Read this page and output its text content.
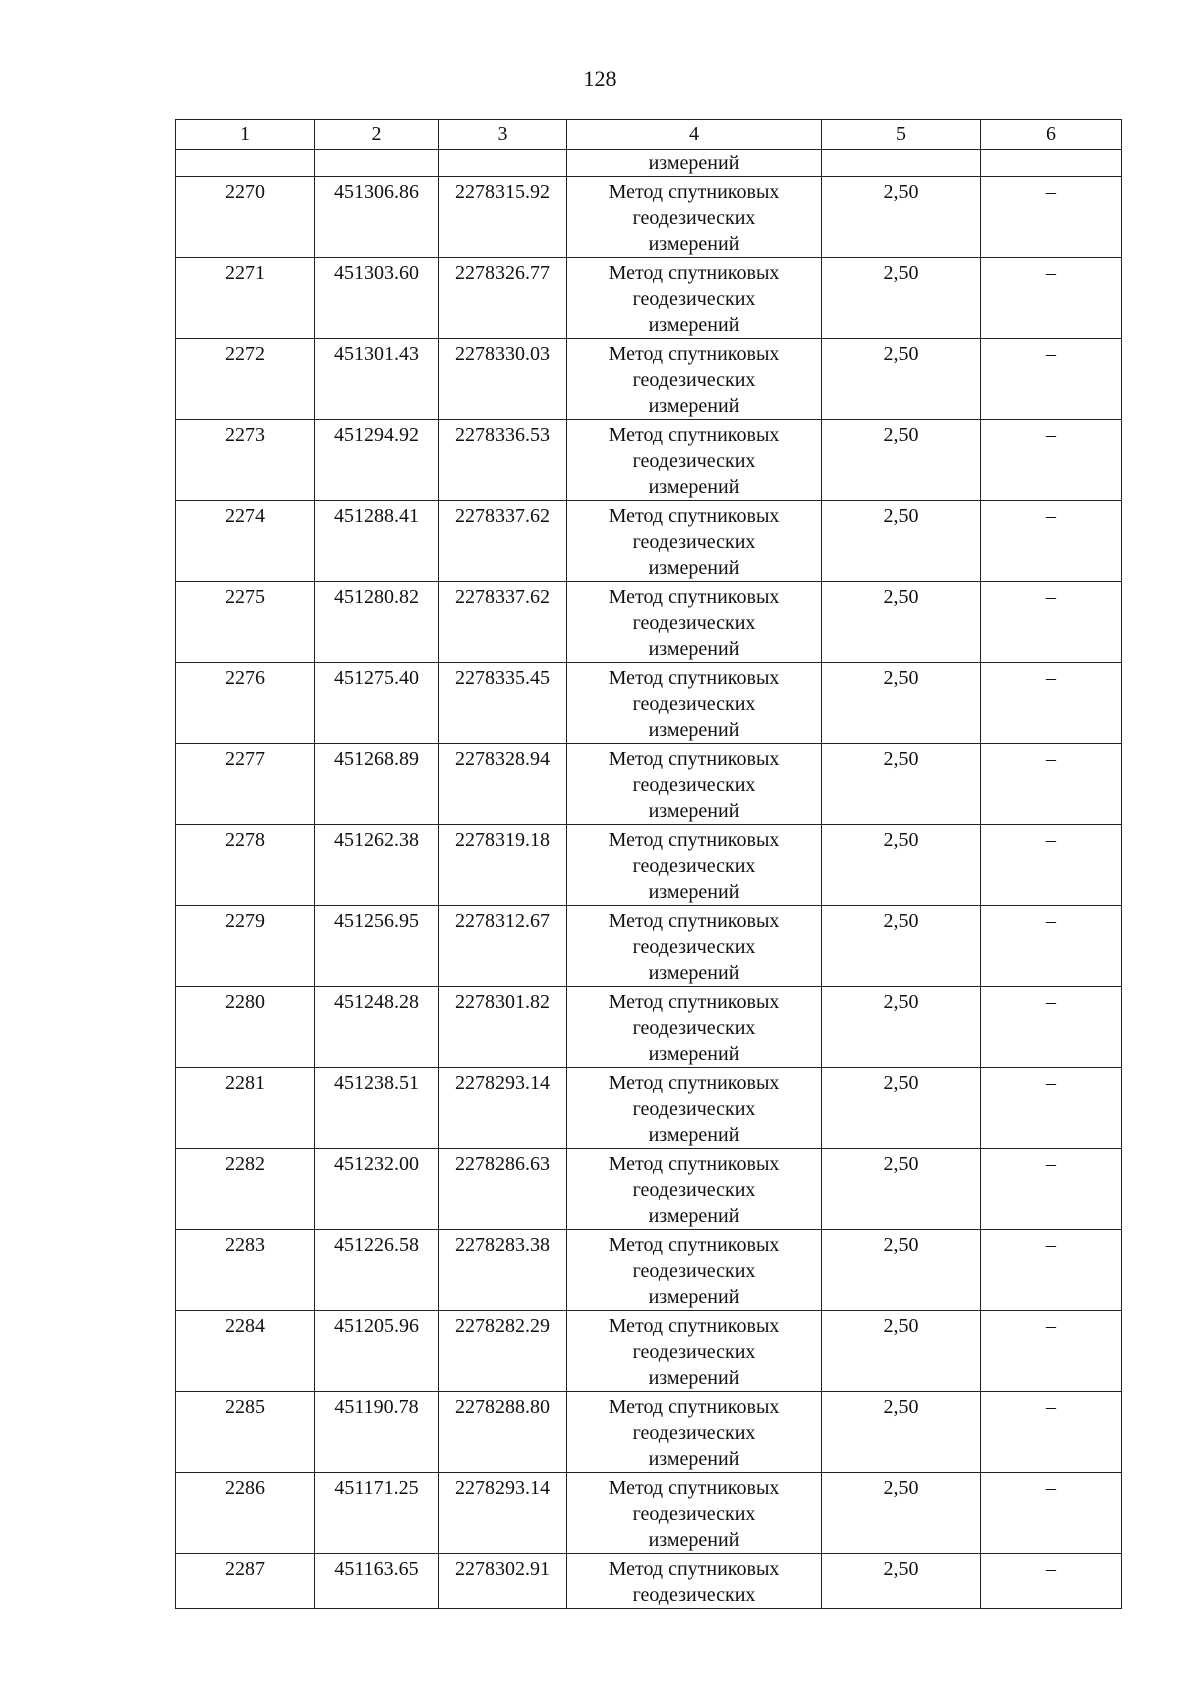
128
1	2	3	4	5	6
			измерений		
2270	451306.86	2278315.92	Метод спутниковых
геодезических
измерений	2,50	–
2271	451303.60	2278326.77	Метод спутниковых
геодезических
измерений	2,50	–
2272	451301.43	2278330.03	Метод спутниковых
геодезических
измерений	2,50	–
2273	451294.92	2278336.53	Метод спутниковых
геодезических
измерений	2,50	–
2274	451288.41	2278337.62	Метод спутниковых
геодезических
измерений	2,50	–
2275	451280.82	2278337.62	Метод спутниковых
геодезических
измерений	2,50	–
2276	451275.40	2278335.45	Метод спутниковых
геодезических
измерений	2,50	–
2277	451268.89	2278328.94	Метод спутниковых
геодезических
измерений	2,50	–
2278	451262.38	2278319.18	Метод спутниковых
геодезических
измерений	2,50	–
2279	451256.95	2278312.67	Метод спутниковых
геодезических
измерений	2,50	–
2280	451248.28	2278301.82	Метод спутниковых
геодезических
измерений	2,50	–
2281	451238.51	2278293.14	Метод спутниковых
геодезических
измерений	2,50	–
2282	451232.00	2278286.63	Метод спутниковых
геодезических
измерений	2,50	–
2283	451226.58	2278283.38	Метод спутниковых
геодезических
измерений	2,50	–
2284	451205.96	2278282.29	Метод спутниковых
геодезических
измерений	2,50	–
2285	451190.78	2278288.80	Метод спутниковых
геодезических
измерений	2,50	–
2286	451171.25	2278293.14	Метод спутниковых
геодезических
измерений	2,50	–
2287	451163.65	2278302.91	Метод спутниковых
геодезических	2,50	–
